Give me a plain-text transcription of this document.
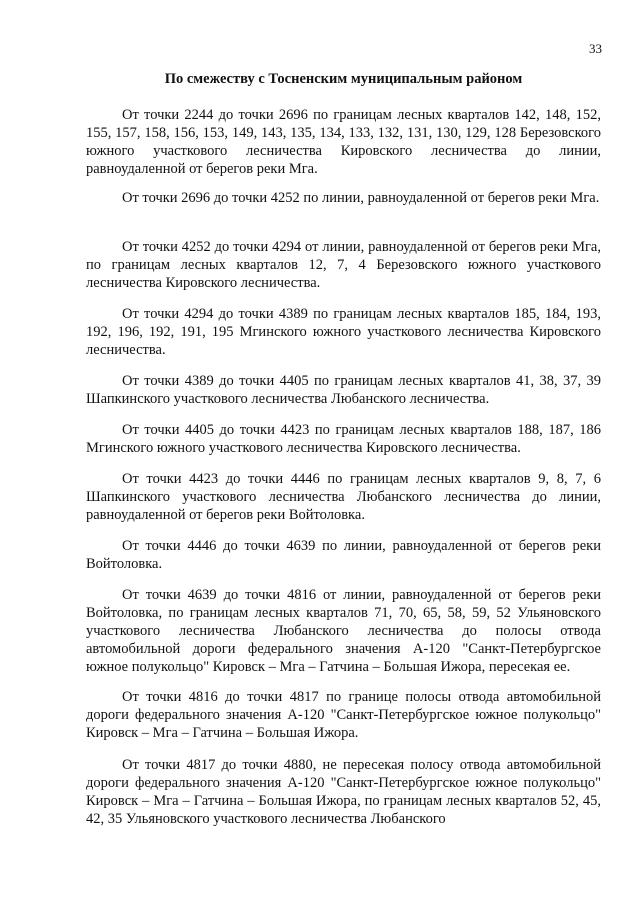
33
По смежеству с Тосненским муниципальным районом

От точки 2244 до точки 2696 по границам лесных кварталов 142, 148, 152, 155, 157, 158, 156, 153, 149, 143, 135, 134, 133, 132, 131, 130, 129, 128 Березовского южного участкового лесничества Кировского лесничества до линии, равноудаленной от берегов реки Мга.

От точки 2696 до точки 4252 по линии, равноудаленной от берегов реки Мга.

От точки 4252 до точки 4294 от линии, равноудаленной от берегов реки Мга, по границам лесных кварталов 12, 7, 4 Березовского южного участкового лесничества Кировского лесничества.

От точки 4294 до точки 4389 по границам лесных кварталов 185, 184, 193, 192, 196, 192, 191, 195 Мгинского южного участкового лесничества Кировского лесничества.

От точки 4389 до точки 4405 по границам лесных кварталов 41, 38, 37, 39 Шапкинского участкового лесничества Любанского лесничества.

От точки 4405 до точки 4423 по границам лесных кварталов 188, 187, 186 Мгинского южного участкового лесничества Кировского лесничества.

От точки 4423 до точки 4446 по границам лесных кварталов 9, 8, 7, 6 Шапкинского участкового лесничества Любанского лесничества до линии, равноудаленной от берегов реки Войтоловка.

От точки 4446 до точки 4639 по линии, равноудаленной от берегов реки Войтоловка.

От точки 4639 до точки 4816 от линии, равноудаленной от берегов реки Войтоловка, по границам лесных кварталов 71, 70, 65, 58, 59, 52 Ульяновского участкового лесничества Любанского лесничества до полосы отвода автомобильной дороги федерального значения А-120 "Санкт-Петербургское южное полукольцо" Кировск – Мга – Гатчина – Большая Ижора, пересекая ее.

От точки 4816 до точки 4817 по границе полосы отвода автомобильной дороги федерального значения А-120 "Санкт-Петербургское южное полукольцо" Кировск – Мга – Гатчина – Большая Ижора.

От точки 4817 до точки 4880, не пересекая полосу отвода автомобильной дороги федерального значения А-120 "Санкт-Петербургское южное полукольцо" Кировск – Мга – Гатчина – Большая Ижора, по границам лесных кварталов 52, 45, 42, 35 Ульяновского участкового лесничества Любанского
